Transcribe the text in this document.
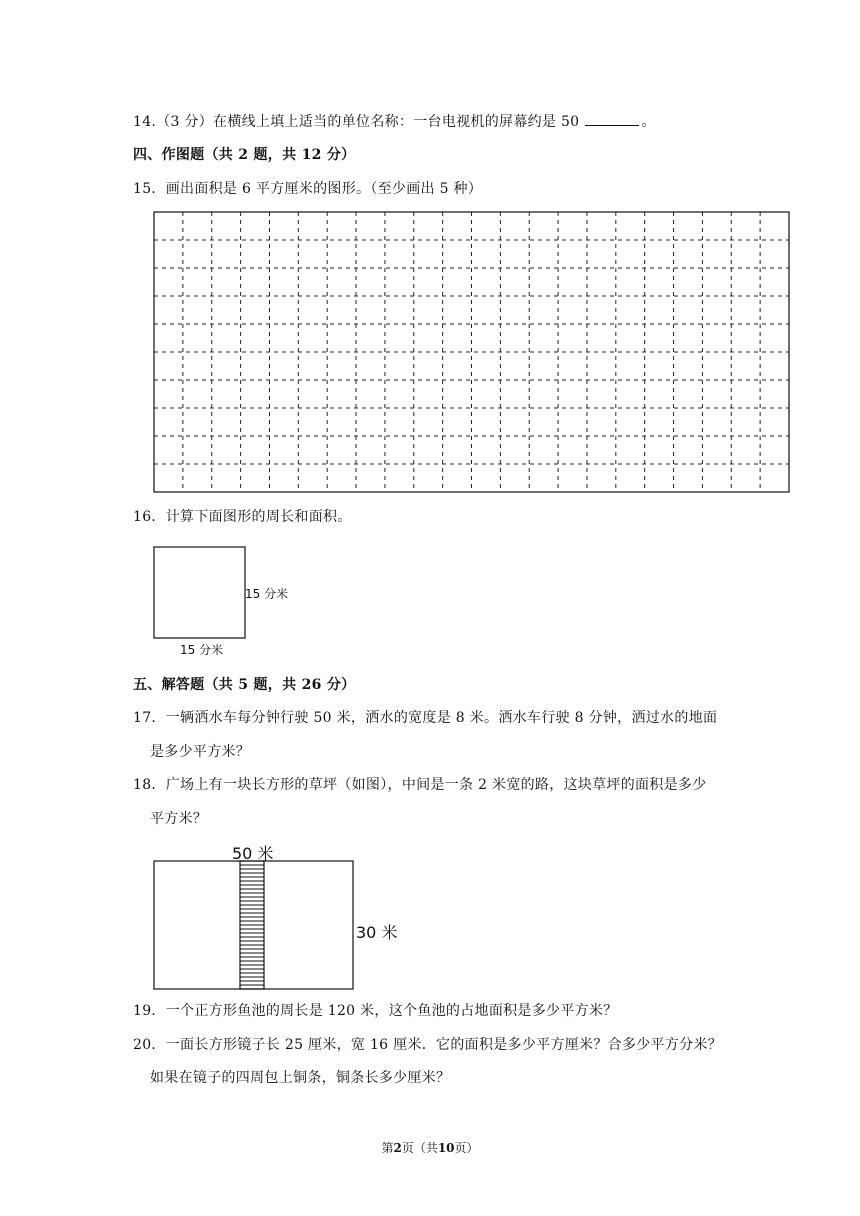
14.（3 分）在横线上填上适当的单位名称：一台电视机的屏幕约是 50	。
四、作图题（共 2 题，共 12 分）
15．画出面积是 6 平方厘米的图形。（至少画出 5 种）
16．计算下面图形的周长和面积。
15 分米
15 分米
五、解答题（共 5 题，共 26 分）
17．一辆洒水车每分钟行驶 50 米，洒水的宽度是 8 米。洒水车行驶 8 分钟，洒过水的地面
是多少平方米？
18．广场上有一块长方形的草坪（如图），中间是一条 2 米宽的路，这块草坪的面积是多少
平方米？
50 米
30 米
19．一个正方形鱼池的周长是 120 米，这个鱼池的占地面积是多少平方米？
20．一面长方形镜子长 25 厘米，宽 16 厘米．它的面积是多少平方厘米？合多少平方分米？
如果在镜子的四周包上铜条，铜条长多少厘米？
第2页（共10页）
